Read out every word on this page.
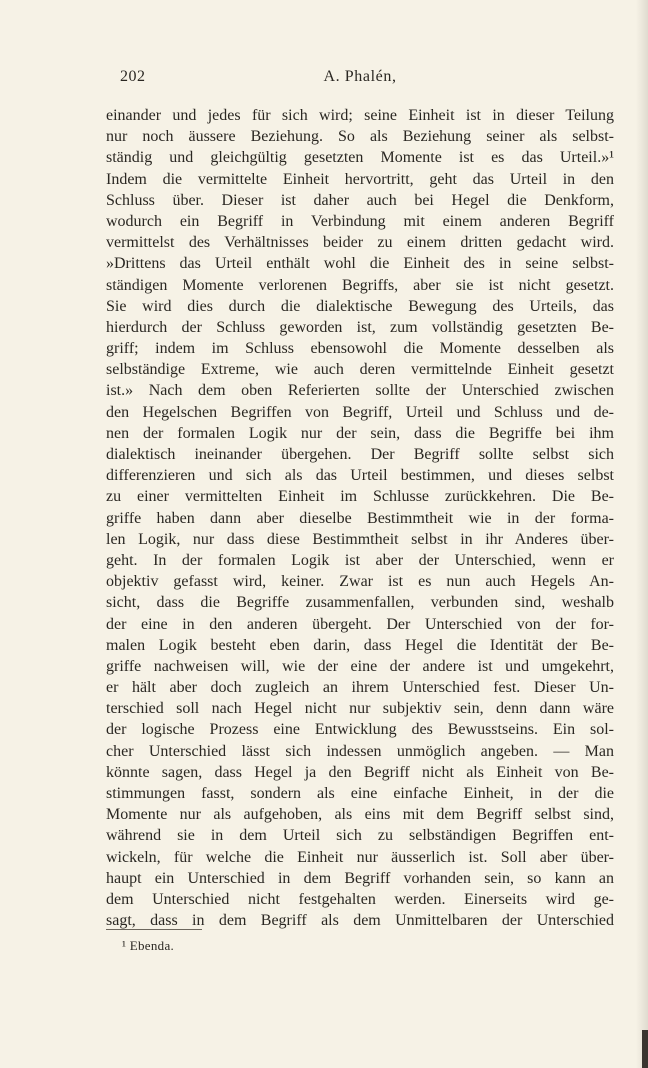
202	A. Phalén,
einander und jedes für sich wird; seine Einheit ist in dieser Teilung
nur noch äussere Beziehung. So als Beziehung seiner als selbst-
ständig und gleichgültig gesetzten Momente ist es das Urteil.»¹
Indem die vermittelte Einheit hervortritt, geht das Urteil in den
Schluss über. Dieser ist daher auch bei Hegel die Denkform,
wodurch ein Begriff in Verbindung mit einem anderen Begriff
vermittelst des Verhältnisses beider zu einem dritten gedacht wird.
»Drittens das Urteil enthält wohl die Einheit des in seine selbst-
ständigen Momente verlorenen Begriffs, aber sie ist nicht gesetzt.
Sie wird dies durch die dialektische Bewegung des Urteils, das
hierdurch der Schluss geworden ist, zum vollständig gesetzten Be-
griff; indem im Schluss ebensowohl die Momente desselben als
selbständige Extreme, wie auch deren vermittelnde Einheit gesetzt
ist.» Nach dem oben Referierten sollte der Unterschied zwischen
den Hegelschen Begriffen von Begriff, Urteil und Schluss und de-
nen der formalen Logik nur der sein, dass die Begriffe bei ihm
dialektisch ineinander übergehen. Der Begriff sollte selbst sich
differenzieren und sich als das Urteil bestimmen, und dieses selbst
zu einer vermittelten Einheit im Schlusse zurückkehren. Die Be-
griffe haben dann aber dieselbe Bestimmtheit wie in der forma-
len Logik, nur dass diese Bestimmtheit selbst in ihr Anderes über-
geht. In der formalen Logik ist aber der Unterschied, wenn er
objektiv gefasst wird, keiner. Zwar ist es nun auch Hegels An-
sicht, dass die Begriffe zusammenfallen, verbunden sind, weshalb
der eine in den anderen übergeht. Der Unterschied von der for-
malen Logik besteht eben darin, dass Hegel die Identität der Be-
griffe nachweisen will, wie der eine der andere ist und umgekehrt,
er hält aber doch zugleich an ihrem Unterschied fest. Dieser Un-
terschied soll nach Hegel nicht nur subjektiv sein, denn dann wäre
der logische Prozess eine Entwicklung des Bewusstseins. Ein sol-
cher Unterschied lässt sich indessen unmöglich angeben. — Man
könnte sagen, dass Hegel ja den Begriff nicht als Einheit von Be-
stimmungen fasst, sondern als eine einfache Einheit, in der die
Momente nur als aufgehoben, als eins mit dem Begriff selbst sind,
während sie in dem Urteil sich zu selbständigen Begriffen ent-
wickeln, für welche die Einheit nur äusserlich ist. Soll aber über-
haupt ein Unterschied in dem Begriff vorhanden sein, so kann an
dem Unterschied nicht festgehalten werden. Einerseits wird ge-
sagt, dass in dem Begriff als dem Unmittelbaren der Unterschied
¹ Ebenda.
